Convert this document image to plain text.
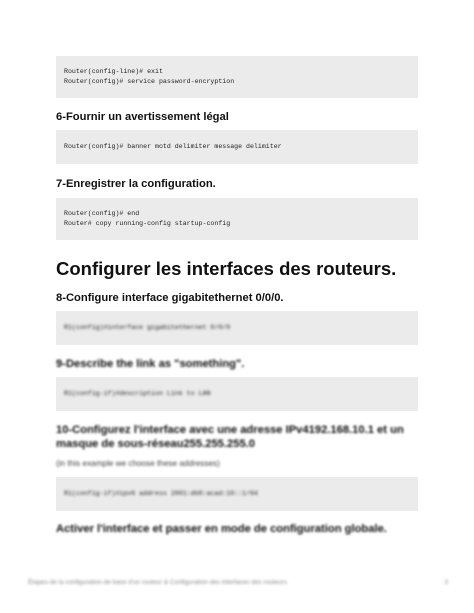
Router(config-line)# exit
Router(config)# service password-encryption
6-Fournir un avertissement légal
Router(config)# banner motd delimiter message delimiter
7-Enregistrer la configuration.
Router(config)# end
Router# copy running-config startup-config
Configurer les interfaces des routeurs.
8-Configure interface gigabitethernet 0/0/0.
R1(config)#interface gigabitethernet 0/0/0
9-Describe the link as "something".
R1(config-if)#description Link to LAN
10-Configurez l'interface avec une adresse IPv4192.168.10.1 et un masque de sous-réseau255.255.255.0
(in this example we choose these addresses)
R1(config-if)#ipv6 address 2001:db8:acad:10::1/64
Activer l'interface et passer en mode de configuration globale.
Étapes de la configuration de base d'un routeur & Configuration des interfaces des routeurs	3
